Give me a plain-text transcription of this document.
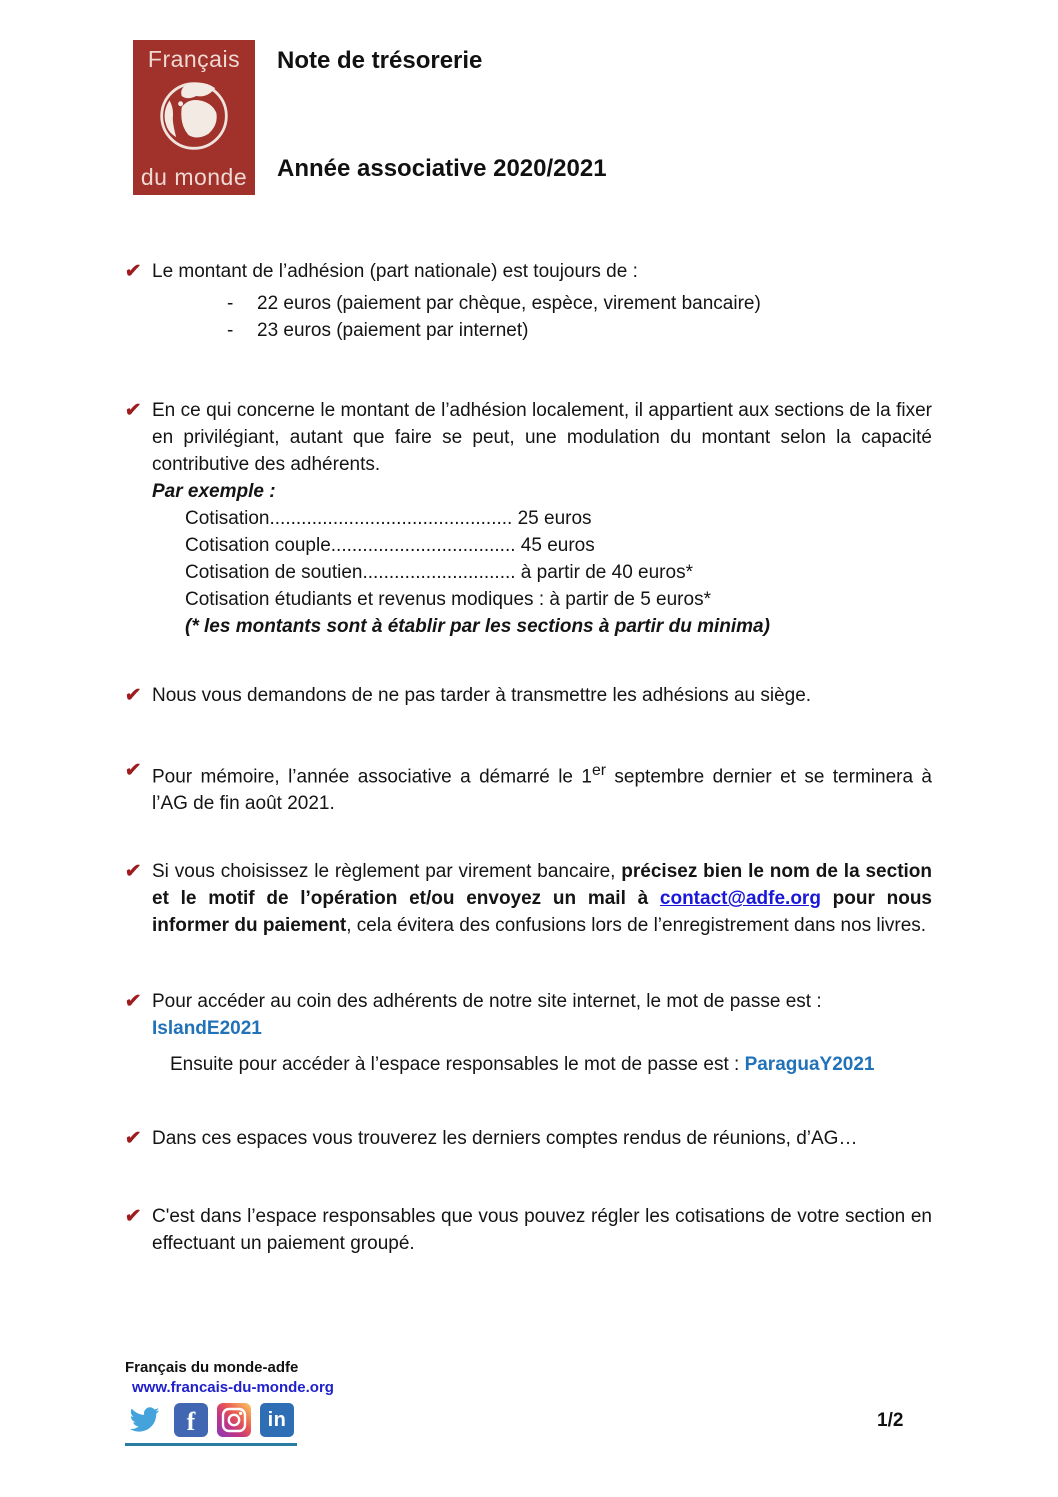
Français
du monde
Note de trésorerie
Année associative 2020/2021
✔ Le montant de l’adhésion (part nationale) est toujours de :
-	22 euros (paiement par chèque, espèce, virement bancaire)
-	23 euros (paiement par internet)
✔ En ce qui concerne le montant de l’adhésion localement, il appartient aux sections de la fixer en privilégiant, autant que faire se peut, une modulation du montant selon la capacité contributive des adhérents.
Par exemple :
Cotisation.............................................. 25 euros
Cotisation couple................................... 45 euros
Cotisation de soutien............................. à partir de 40 euros*
Cotisation étudiants et revenus modiques : à partir de 5 euros*
(* les montants sont à établir par les sections à partir du minima)
✔ Nous vous demandons de ne pas tarder à transmettre les adhésions au siège.
✔ Pour mémoire, l’année associative a démarré le 1er septembre dernier et se terminera à l’AG de fin août 2021.
✔ Si vous choisissez le règlement par virement bancaire, précisez bien le nom de la section et le motif de l’opération et/ou envoyez un mail à contact@adfe.org pour nous informer du paiement, cela évitera des confusions lors de l’enregistrement dans nos livres.
✔ Pour accéder au coin des adhérents de notre site internet, le mot de passe est : IslandE2021
Ensuite pour accéder à l’espace responsables le mot de passe est : ParaguaY2021
✔ Dans ces espaces vous trouverez les derniers comptes rendus de réunions, d’AG…
✔ C'est dans l’espace responsables que vous pouvez régler les cotisations de votre section en effectuant un paiement groupé.
Français du monde-adfe
www.francais-du-monde.org
f	in	1/2
